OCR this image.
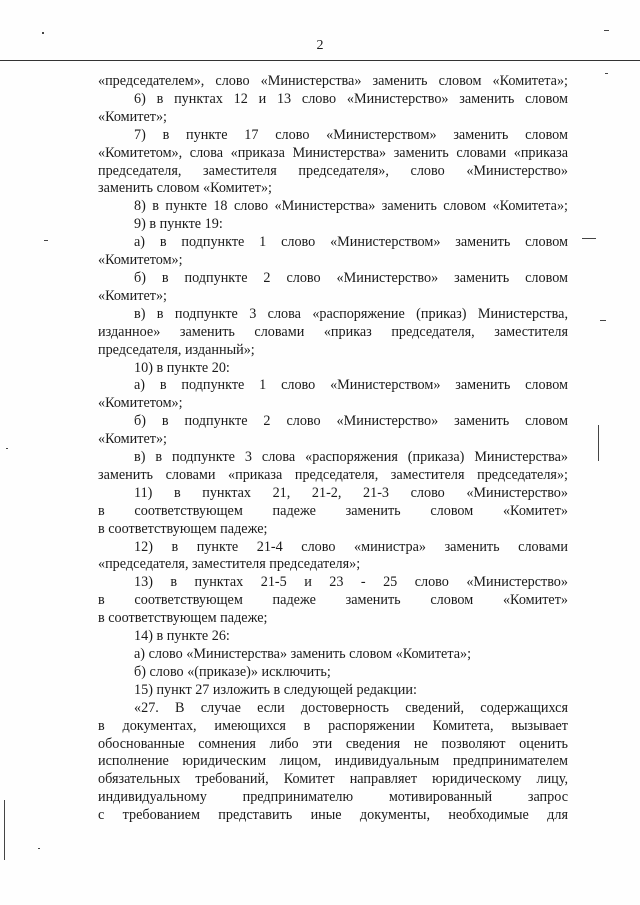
2

«председателем», слово «Министерства» заменить словом «Комитета»;

6) в пунктах 12 и 13 слово «Министерство» заменить словом

«Комитет»;

7) в пункте 17 слово «Министерством» заменить словом

«Комитетом», слова «приказа Министерства» заменить словами «приказа

председателя, заместителя председателя», слово «Министерство»

заменить словом «Комитет»;

8) в пункте 18 слово «Министерства» заменить словом «Комитета»;

9) в пункте 19:

а) в подпункте 1 слово «Министерством» заменить словом

«Комитетом»;

б) в подпункте 2 слово «Министерство» заменить словом

«Комитет»;

в) в подпункте 3 слова «распоряжение (приказ) Министерства,

изданное» заменить словами «приказ председателя, заместителя

председателя, изданный»;

10) в пункте 20:

а) в подпункте 1 слово «Министерством» заменить словом

«Комитетом»;

б) в подпункте 2 слово «Министерство» заменить словом

«Комитет»;

в) в подпункте 3 слова «распоряжения (приказа) Министерства»

заменить словами «приказа председателя, заместителя председателя»;

11) в пунктах 21, 21-2, 21-3 слово «Министерство»

в соответствующем падеже заменить словом «Комитет»

в соответствующем падеже;

12) в пункте 21-4 слово «министра» заменить словами

«председателя, заместителя председателя»;

13) в пунктах 21-5 и 23 - 25 слово «Министерство»

в соответствующем падеже заменить словом «Комитет»

в соответствующем падеже;

14) в пункте 26:

а) слово «Министерства» заменить словом «Комитета»;

б) слово «(приказе)» исключить;

15) пункт 27 изложить в следующей редакции:

«27. В случае если достоверность сведений, содержащихся

в документах, имеющихся в распоряжении Комитета, вызывает

обоснованные сомнения либо эти сведения не позволяют оценить

исполнение юридическим лицом, индивидуальным предпринимателем

обязательных требований, Комитет направляет юридическому лицу,

индивидуальному предпринимателю мотивированный запрос

с требованием представить иные документы, необходимые для
